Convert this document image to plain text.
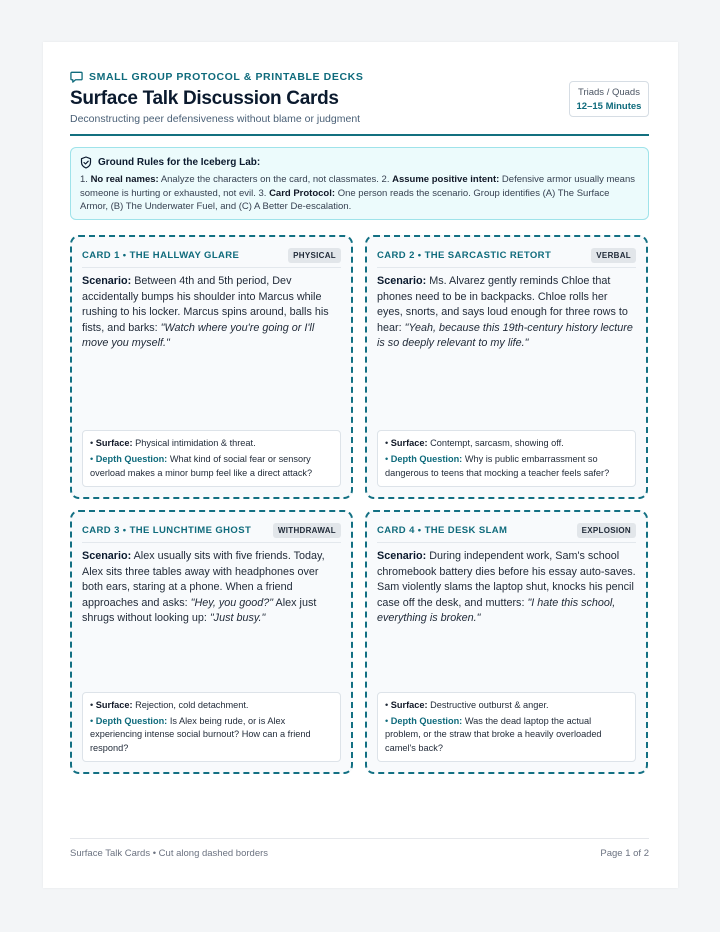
SMALL GROUP PROTOCOL & PRINTABLE DECKS
Surface Talk Discussion Cards
Deconstructing peer defensiveness without blame or judgment
Triads / Quads
12–15 Minutes
Ground Rules for the Iceberg Lab:
1. No real names: Analyze the characters on the card, not classmates. 2. Assume positive intent: Defensive armor usually means someone is hurting or exhausted, not evil. 3. Card Protocol: One person reads the scenario. Group identifies (A) The Surface Armor, (B) The Underwater Fuel, and (C) A Better De-escalation.
CARD 1 • THE HALLWAY GLARE	PHYSICAL
Scenario: Between 4th and 5th period, Dev accidentally bumps his shoulder into Marcus while rushing to his locker. Marcus spins around, balls his fists, and barks: "Watch where you're going or I'll move you myself."
• Surface: Physical intimidation & threat.
• Depth Question: What kind of social fear or sensory overload makes a minor bump feel like a direct attack?
CARD 2 • THE SARCASTIC RETORT	VERBAL
Scenario: Ms. Alvarez gently reminds Chloe that phones need to be in backpacks. Chloe rolls her eyes, snorts, and says loud enough for three rows to hear: "Yeah, because this 19th-century history lecture is so deeply relevant to my life."
• Surface: Contempt, sarcasm, showing off.
• Depth Question: Why is public embarrassment so dangerous to teens that mocking a teacher feels safer?
CARD 3 • THE LUNCHTIME GHOST	WITHDRAWAL
Scenario: Alex usually sits with five friends. Today, Alex sits three tables away with headphones over both ears, staring at a phone. When a friend approaches and asks: "Hey, you good?" Alex just shrugs without looking up: "Just busy."
• Surface: Rejection, cold detachment.
• Depth Question: Is Alex being rude, or is Alex experiencing intense social burnout? How can a friend respond?
CARD 4 • THE DESK SLAM	EXPLOSION
Scenario: During independent work, Sam's school chromebook battery dies before his essay auto-saves. Sam violently slams the laptop shut, knocks his pencil case off the desk, and mutters: "I hate this school, everything is broken."
• Surface: Destructive outburst & anger.
• Depth Question: Was the dead laptop the actual problem, or the straw that broke a heavily overloaded camel's back?
Surface Talk Cards • Cut along dashed borders	Page 1 of 2
